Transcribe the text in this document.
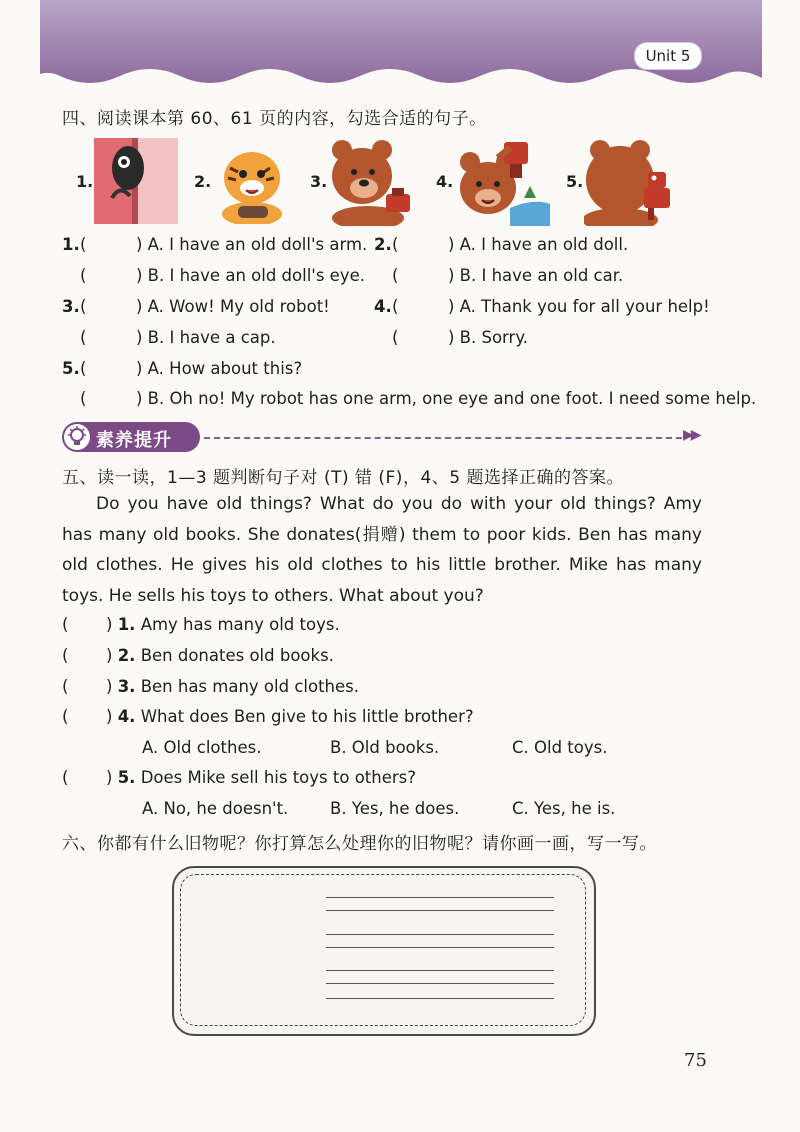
Unit 5
四、阅读课本第 60、61 页的内容，勾选合适的句子。
1.	2.	3.	4.	5.
1.(	) A. I have an old doll's arm. 2.(	) A. I have an old doll.
(	) B. I have an old doll's eye. (	) B. I have an old car.
3.(	) A. Wow! My old robot!	4.(	) A. Thank you for all your help!
(	) B. I have a cap.	(	) B. Sorry.
5.(	) A. How about this?
(	) B. Oh no! My robot has one arm, one eye and one foot. I need some help.
素养提升	▶▶
五、读一读，1—3 题判断句子对 (T) 错 (F)，4、5 题选择正确的答案。
Do you have old things? What do you do with your old things? Amy has many old books. She donates(捐赠) them to poor kids. Ben has many old clothes. He gives his old clothes to his little brother. Mike has many toys. He sells his toys to others. What about you?
( ) 1. Amy has many old toys.
( ) 2. Ben donates old books.
( ) 3. Ben has many old clothes.
( ) 4. What does Ben give to his little brother?
A. Old clothes.	B. Old books.	C. Old toys.
( ) 5. Does Mike sell his toys to others?
A. No, he doesn't.	B. Yes, he does.	C. Yes, he is.
六、你都有什么旧物呢？你打算怎么处理你的旧物呢？请你画一画，写一写。
75
